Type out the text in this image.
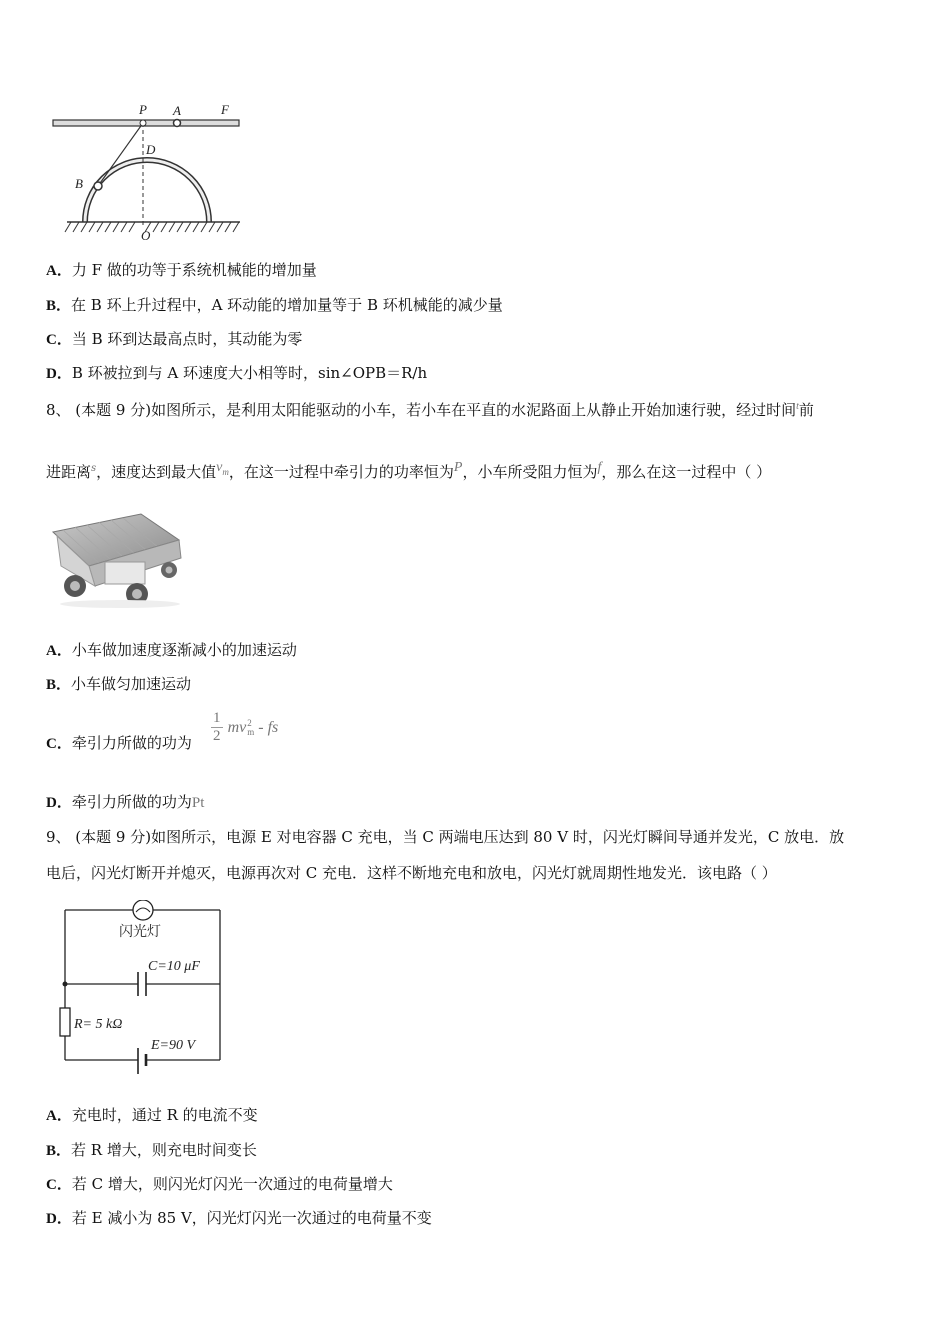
P A	F
D
B
O
A．力 F 做的功等于系统机械能的增加量
B．在 B 环上升过程中，A 环动能的增加量等于 B 环机械能的减少量
C．当 B 环到达最高点时，其动能为零
D．B 环被拉到与 A 环速度大小相等时，sin∠OPB＝R/h
8、 (本题 9 分)如图所示，是利用太阳能驱动的小车，若小车在平直的水泥路面上从静止开始加速行驶，经过时间$^t$前
进距离$^s$，速度达到最大值$v_m$，在这一过程中牵引力的功率恒为P，小车所受阻力恒为f，那么在这一过程中（ ）
A．小车做加速度逐渐减小的加速运动
B．小车做匀加速运动
C．牵引力所做的功为 $\frac{1}{2}$ mv 2
m - fs
D．牵引力所做的功为Pt
9、 (本题 9 分)如图所示，电源 E 对电容器 C 充电，当 C 两端电压达到 80 V 时，闪光灯瞬间导通并发光，C 放电．放
电后，闪光灯断开并熄灭，电源再次对 C 充电．这样不断地充电和放电，闪光灯就周期性地发光．该电路（ ）
闪光灯
C=10 μF
R= 5 kΩ
E=90 V
A．充电时，通过 R 的电流不变
B．若 R 增大，则充电时间变长
C．若 C 增大，则闪光灯闪光一次通过的电荷量增大
D．若 E 减小为 85 V，闪光灯闪光一次通过的电荷量不变
